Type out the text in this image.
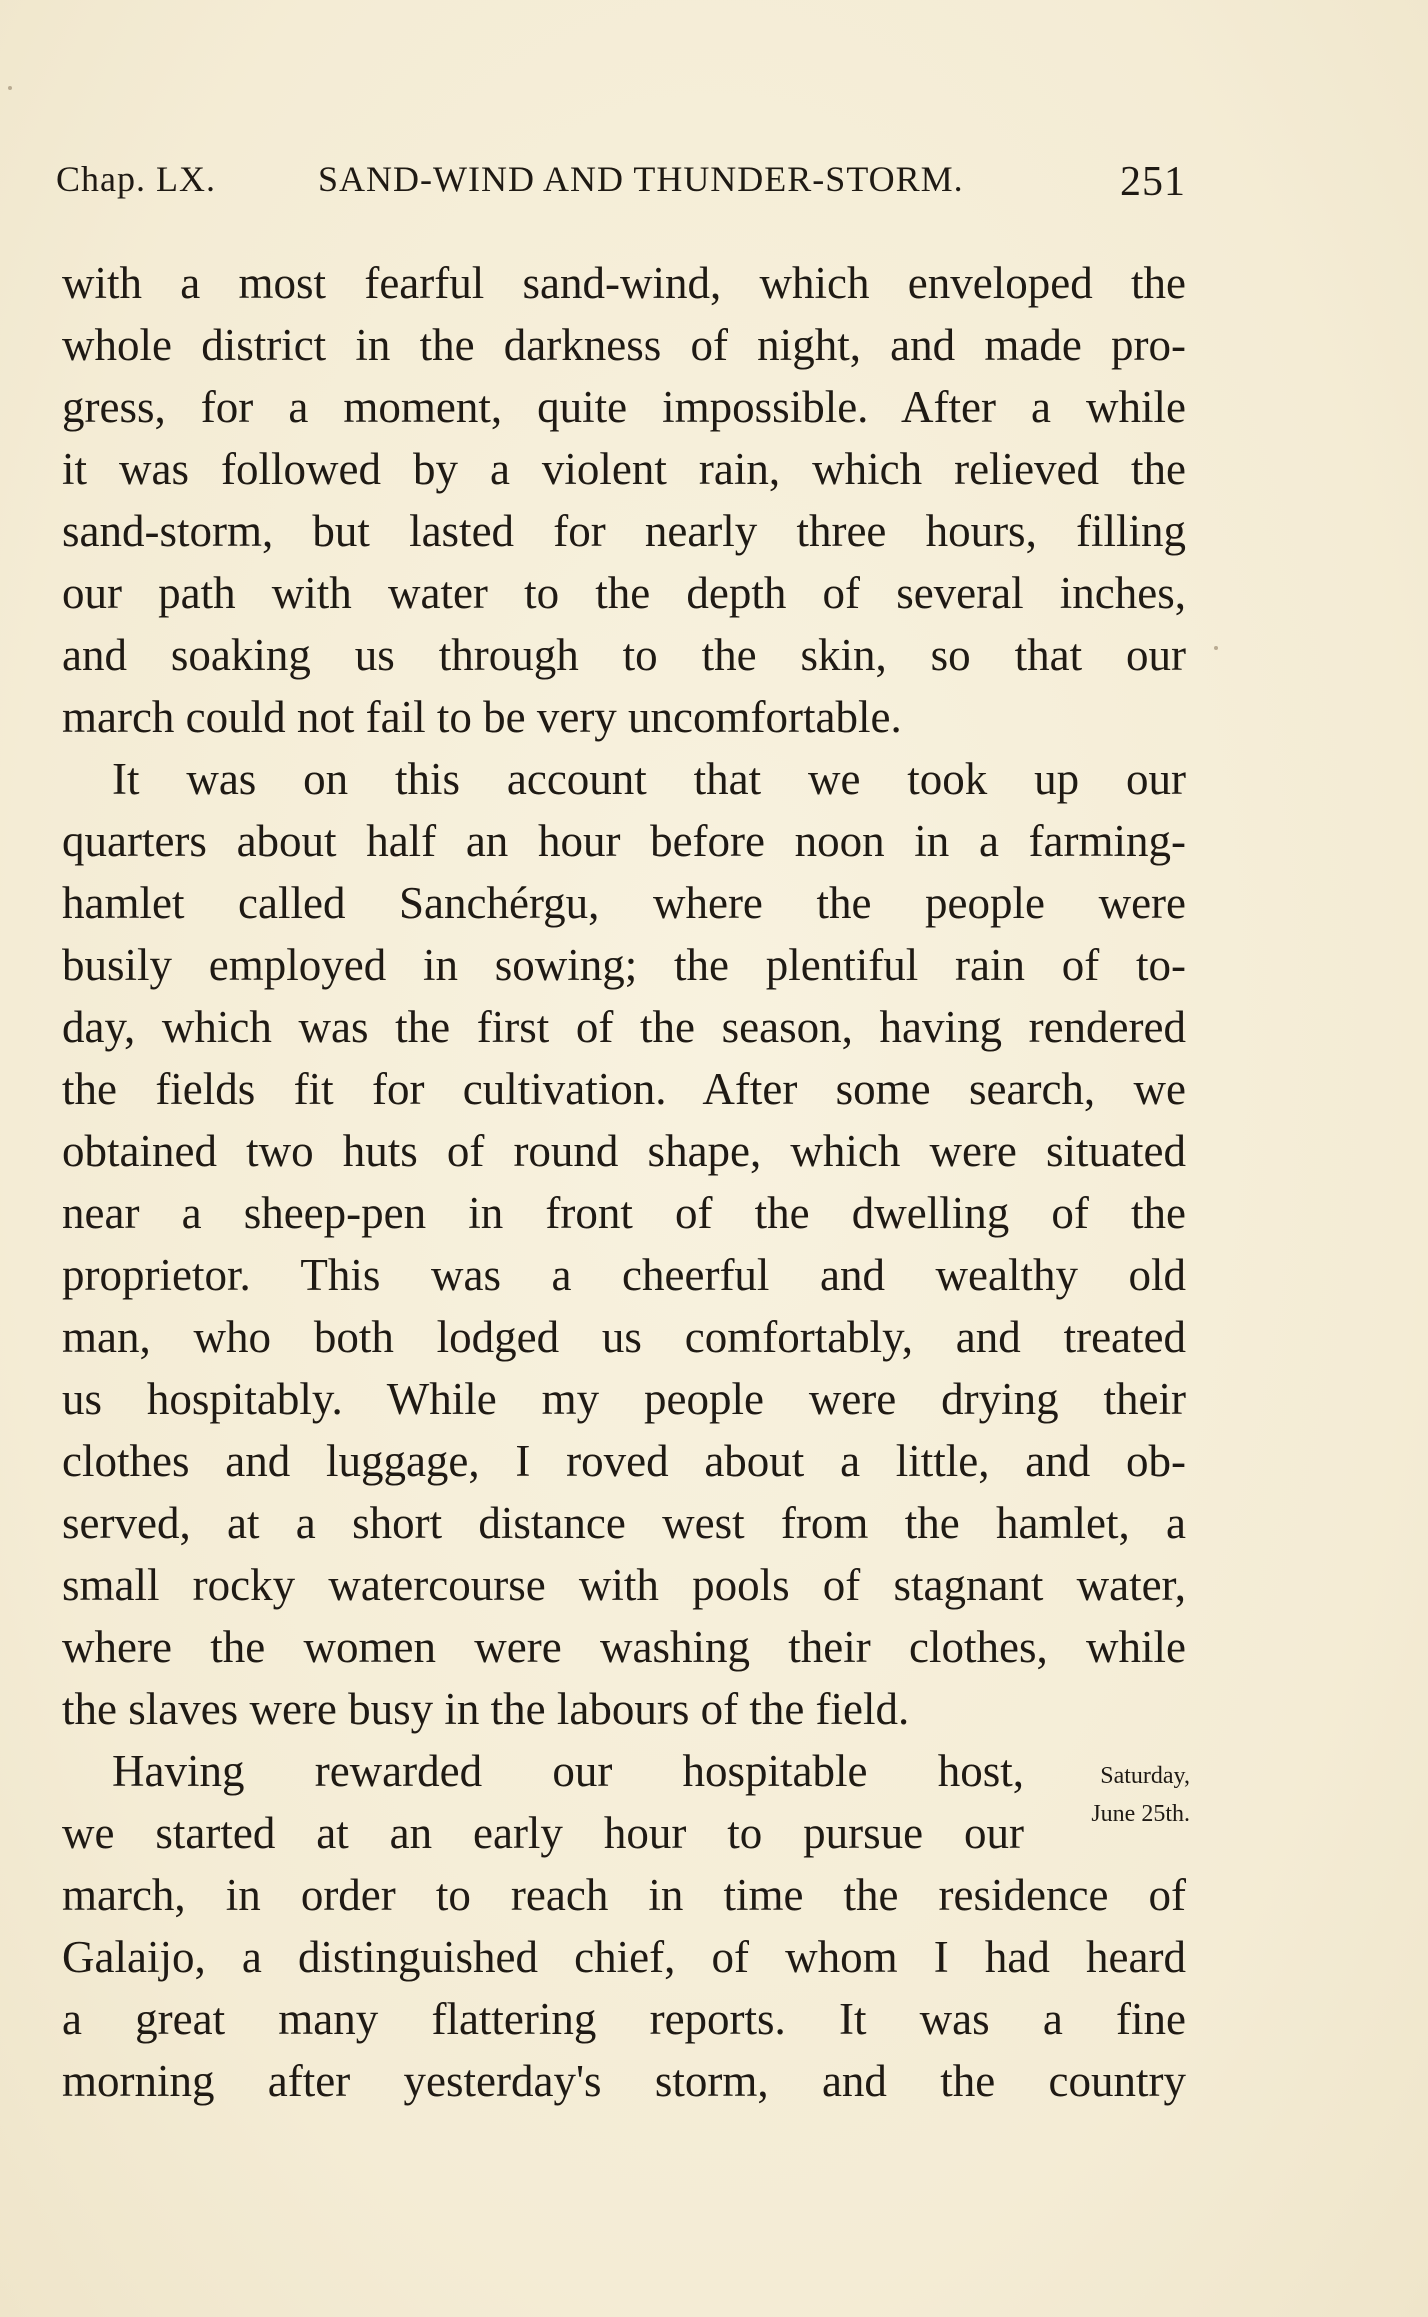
Chap. LX.	SAND-WIND AND THUNDER-STORM.	251
with a most fearful sand-wind, which enveloped the
whole district in the darkness of night, and made pro-
gress, for a moment, quite impossible. After a while
it was followed by a violent rain, which relieved the
sand-storm, but lasted for nearly three hours, filling
our path with water to the depth of several inches,
and soaking us through to the skin, so that our
march could not fail to be very uncomfortable.
It was on this account that we took up our
quarters about half an hour before noon in a farming-
hamlet called Sanchérgu, where the people were
busily employed in sowing; the plentiful rain of to-
day, which was the first of the season, having rendered
the fields fit for cultivation. After some search, we
obtained two huts of round shape, which were situated
near a sheep-pen in front of the dwelling of the
proprietor. This was a cheerful and wealthy old
man, who both lodged us comfortably, and treated
us hospitably. While my people were drying their
clothes and luggage, I roved about a little, and ob-
served, at a short distance west from the hamlet, a
small rocky watercourse with pools of stagnant water,
where the women were washing their clothes, while
the slaves were busy in the labours of the field.
Having rewarded our hospitable host,
we started at an early hour to pursue our
march, in order to reach in time the residence of
Galaijo, a distinguished chief, of whom I had heard
a great many flattering reports. It was a fine
morning after yesterday's storm, and the country
Saturday,
June 25th.
